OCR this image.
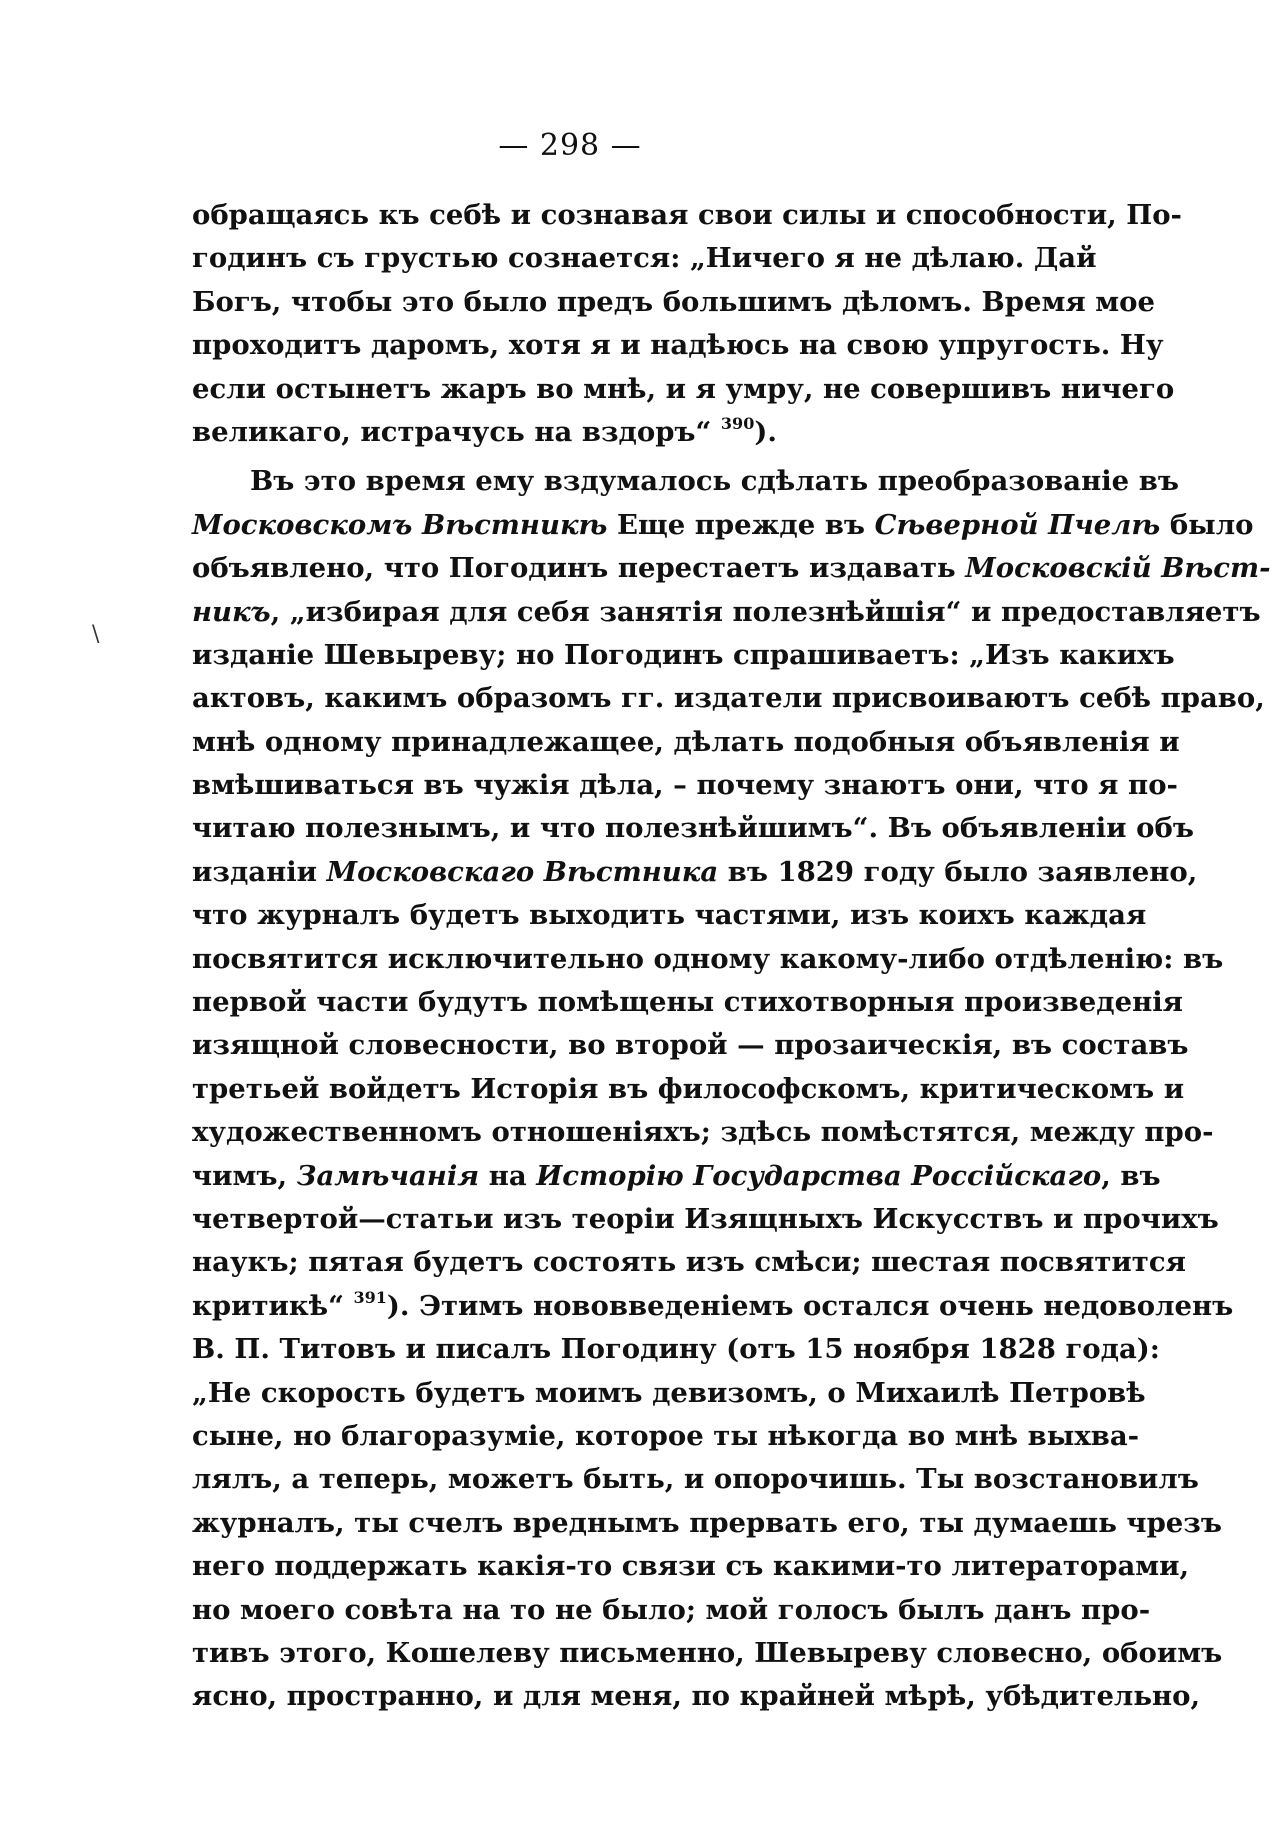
— 298 —
обращаясь къ себѣ и сознавая свои силы и способности, По-
годинъ съ грустью сознается: „Ничего я не дѣлаю. Дай
Богъ, чтобы это было предъ большимъ дѣломъ. Время мое
проходитъ даромъ, хотя я и надѣюсь на свою упругость. Ну
если остынетъ жаръ во мнѣ, и я умру, не совершивъ ничего
великаго, истрачусь на вздоръ“ $^{390}$).
Въ это время ему вздумалось сдѣлать преобразованіе въ
Московскомъ Вѣстникѣ Еще прежде въ Сѣверной Пчелѣ было
объявлено, что Погодинъ перестаетъ издавать Московскій Вѣст-
никъ, „избирая для себя занятія полезнѣйшія“ и предоставляетъ
изданіе Шевыреву; но Погодинъ спрашиваетъ: „Изъ какихъ
актовъ, какимъ образомъ гг. издатели присвоиваютъ себѣ право,
мнѣ одному принадлежащее, дѣлать подобныя объявленія и
вмѣшиваться въ чужія дѣла, – почему знаютъ они, что я по-
читаю полезнымъ, и что полезнѣйшимъ“. Въ объявленіи объ
изданіи Московскаго Вѣстника въ 1829 году было заявлено,
что журналъ будетъ выходить частями, изъ коихъ каждая
посвятится исключительно одному какому-либо отдѣленію: въ
первой части будутъ помѣщены стихотворныя произведенія
изящной словесности, во второй — прозаическія, въ составъ
третьей войдетъ Исторія въ философскомъ, критическомъ и
художественномъ отношеніяхъ; здѣсь помѣстятся, между про-
чимъ, Замѣчанія на Исторію Государства Россійскаго, въ
четвертой—статьи изъ теоріи Изящныхъ Искусствъ и прочихъ
наукъ; пятая будетъ состоять изъ смѣси; шестая посвятится
критикѣ“ $^{391}$). Этимъ нововведеніемъ остался очень недоволенъ
В. П. Титовъ и писалъ Погодину (отъ 15 ноября 1828 года):
„Не скорость будетъ моимъ девизомъ, о Михаилѣ Петровѣ
сыне, но благоразуміе, которое ты нѣкогда во мнѣ выхва-
лялъ, а теперь, можетъ быть, и опорочишь. Ты возстановилъ
журналъ, ты счелъ вреднымъ прервать его, ты думаешь чрезъ
него поддержать какія-то связи съ какими-то литераторами,
но моего совѣта на то не было; мой голосъ былъ данъ про-
тивъ этого, Кошелеву письменно, Шевыреву словесно, обоимъ
ясно, пространно, и для меня, по крайней мѣрѣ, убѣдительно,
\
